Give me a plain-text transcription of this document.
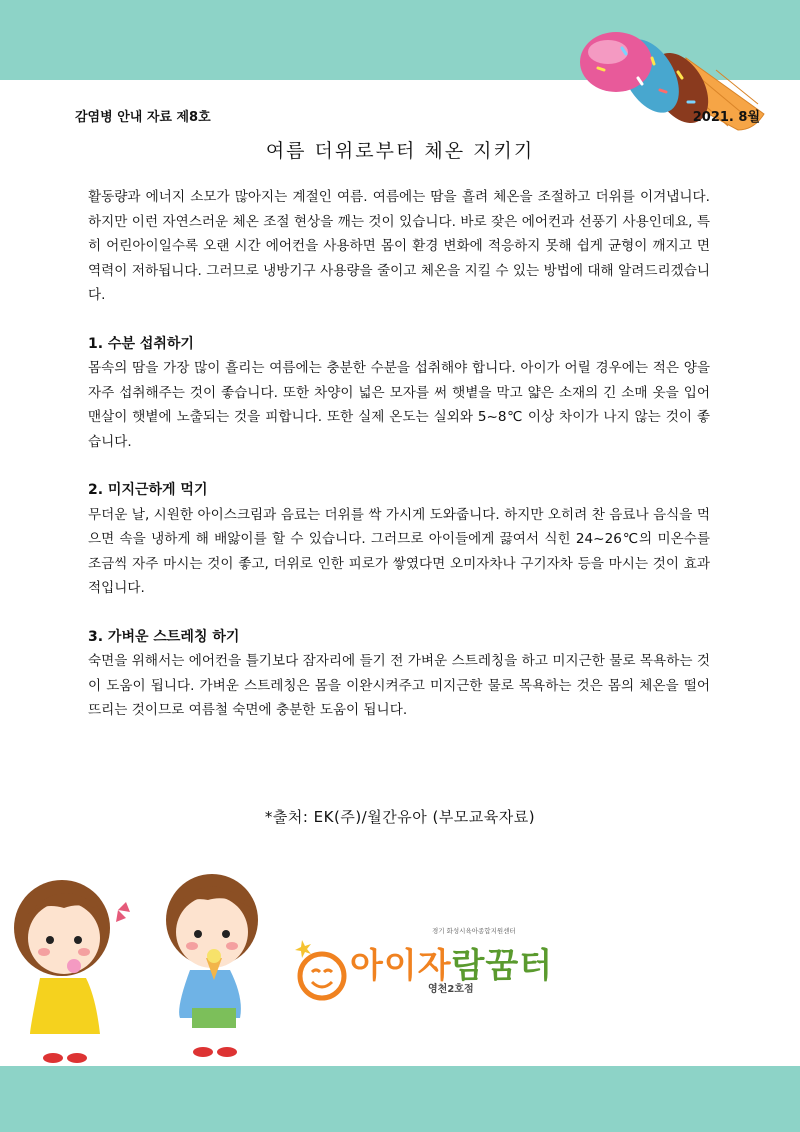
감염병 안내 자료 제8호	2021. 8월
여름 더위로부터 체온 지키기

활동량과 에너지 소모가 많아지는 계절인 여름. 여름에는 땀을 흘려 체온을 조절하고 더위를 이겨냅니다. 하지만 이런 자연스러운 체온 조절 현상을 깨는 것이 있습니다. 바로 잦은 에어컨과 선풍기 사용인데요, 특히 어린아이일수록 오랜 시간 에어컨을 사용하면 몸이 환경 변화에 적응하지 못해 쉽게 균형이 깨지고 면역력이 저하됩니다. 그러므로 냉방기구 사용량을 줄이고 체온을 지킬 수 있는 방법에 대해 알려드리겠습니다.

1. 수분 섭취하기

몸속의 땀을 가장 많이 흘리는 여름에는 충분한 수분을 섭취해야 합니다. 아이가 어릴 경우에는 적은 양을 자주 섭취해주는 것이 좋습니다. 또한 차양이 넓은 모자를 써 햇볕을 막고 얇은 소재의 긴 소매 옷을 입어 맨살이 햇볕에 노출되는 것을 피합니다. 또한 실제 온도는 실외와 5~8℃ 이상 차이가 나지 않는 것이 좋습니다.

2. 미지근하게 먹기

무더운 날, 시원한 아이스크림과 음료는 더위를 싹 가시게 도와줍니다. 하지만 오히려 찬 음료나 음식을 먹으면 속을 냉하게 해 배앓이를 할 수 있습니다. 그러므로 아이들에게 끓여서 식힌 24~26℃의 미온수를 조금씩 자주 마시는 것이 좋고, 더위로 인한 피로가 쌓였다면 오미자차나 구기자차 등을 마시는 것이 효과적입니다.

3. 가벼운 스트레칭 하기

숙면을 위해서는 에어컨을 틀기보다 잠자리에 들기 전 가벼운 스트레칭을 하고 미지근한 물로 목욕하는 것이 도움이 됩니다. 가벼운 스트레칭은 몸을 이완시켜주고 미지근한 물로 목욕하는 것은 몸의 체온을 떨어뜨리는 것이므로 여름철 숙면에 충분한 도움이 됩니다.

*출처: EK(주)/월간유아 (부모교육자료)
경기 화성시육아종합지원센터
아이자람꿈터
영천2호점
